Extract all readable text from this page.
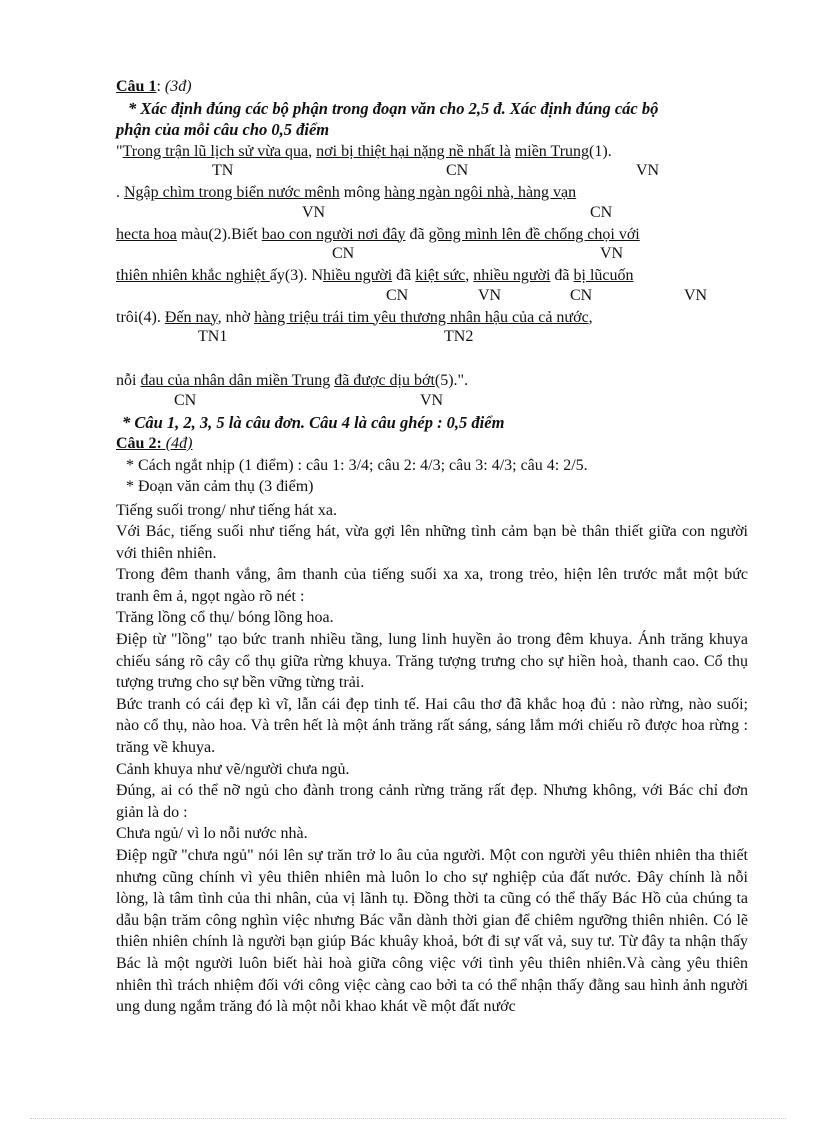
Câu 1: (3đ)
* Xác định đúng các bộ phận trong đoạn văn cho 2,5 đ. Xác định đúng các bộ
phận của mỗi câu cho 0,5 điểm
"Trong trận lũ lịch sử vừa qua, nơi bị thiệt hại nặng nề nhất là miền Trung(1).
TN	CN	VN
. Ngập chìm trong biển nước mênh mông hàng ngàn ngôi nhà, hàng vạn
VN	CN
hecta hoa màu(2).Biết bao con người nơi đây đã gồng mình lên đề chống chọi với
CN	VN
thiên nhiên khắc nghiệt ấy(3). Nhiều người đã kiệt sức, nhiều người đã bị lũcuốn
CN	VN	CN	VN
trôi(4). Đến nay, nhờ hàng triệu trái tim yêu thương nhân hậu của cả nước,
TN1	TN2
nỗi đau của nhân dân miền Trung đã được dịu bớt(5).".
CN	VN
* Câu 1, 2, 3, 5 là câu đơn. Câu 4 là câu ghép : 0,5 điểm
Câu 2: (4đ)
* Cách ngắt nhịp (1 điểm) : câu 1: 3/4; câu 2: 4/3; câu 3: 4/3; câu 4: 2/5.
* Đoạn văn cảm thụ (3 điểm)

Tiếng suối trong/ như tiếng hát xa.

Với Bác, tiếng suối như tiếng hát, vừa gợi lên những tình cảm bạn bè thân thiết giữa con người với thiên nhiên.

Trong đêm thanh vắng, âm thanh của tiếng suối xa xa, trong trẻo, hiện lên trước mắt một bức tranh êm ả, ngọt ngào rõ nét :

Trăng lồng cổ thụ/ bóng lồng hoa.

Điệp từ "lồng" tạo bức tranh nhiều tầng, lung linh huyền ảo trong đêm khuya. Ánh trăng khuya chiếu sáng rõ cây cổ thụ giữa rừng khuya. Trăng tượng trưng cho sự hiền hoà, thanh cao. Cổ thụ tượng trưng cho sự bền vững từng trải.

Bức tranh có cái đẹp kì vĩ, lẫn cái đẹp tinh tế. Hai câu thơ đã khắc hoạ đủ : nào rừng, nào suối; nào cổ thụ, nào hoa. Và trên hết là một ánh trăng rất sáng, sáng lắm mới chiếu rõ được hoa rừng : trăng về khuya.

Cảnh khuya như vẽ/người chưa ngủ.

Đúng, ai có thể nỡ ngủ cho đành trong cảnh rừng trăng rất đẹp. Nhưng không, với Bác chỉ đơn giản là do :

Chưa ngủ/ vì lo nỗi nước nhà.

Điệp ngữ "chưa ngủ" nói lên sự trăn trở lo âu của người. Một con người yêu thiên nhiên tha thiết nhưng cũng chính vì yêu thiên nhiên mà luôn lo cho sự nghiệp của đất nước. Đây chính là nỗi lòng, là tâm tình của thi nhân, của vị lãnh tụ. Đồng thời ta cũng có thể thấy Bác Hồ của chúng ta dẫu bận trăm công nghìn việc nhưng Bác vẫn dành thời gian để chiêm ngưỡng thiên nhiên. Có lẽ thiên nhiên chính là người bạn giúp Bác khuây khoả, bớt đi sự vất vả, suy tư. Từ đây ta nhận thấy Bác là một người luôn biết hài hoà giữa công việc với tình yêu thiên nhiên.Và càng yêu thiên nhiên thì trách nhiệm đối với công việc càng cao bởi ta có thể nhận thấy đằng sau hình ảnh người ung dung ngắm trăng đó là một nỗi khao khát về một đất nước
